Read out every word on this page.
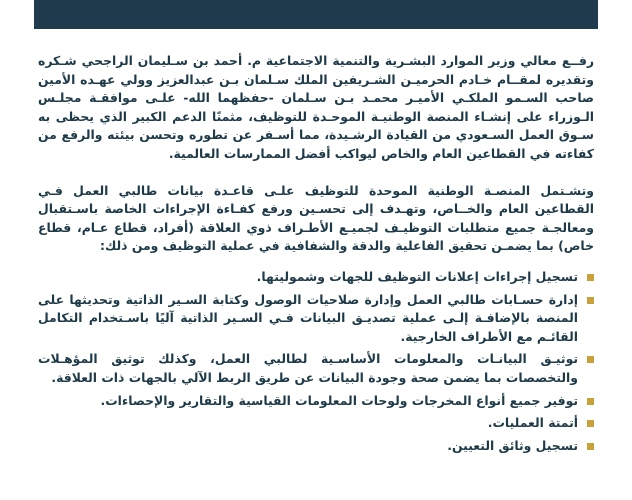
رفــع معالي وزير الموارد البشـرية والتنمية الاجتماعية م. أحمد بن سـليمان الراجحي شـكره وتقديره لمقــام خـادم الحرميـن الشـريفين الملك سـلمان بـن عبدالعزيز وولي عهـده الأمين صاحب السـمو الملكـي الأميـر محمـد بـن سـلمان -حفظهما الله- علـى موافقـة مجلـس الـوزراء على إنشـاء المنصة الوطنيـة الموحـدة للتوظيف، مثمنًا الدعم الكبير الذي يحظى به سـوق العمل السـعودي من القيادة الرشـيدة، مما أسـفر عن تطوره وتحسن بيئته والرفع من كفاءته في القطاعين العام والخاص ليواكب أفضل الممارسات العالمية.

وتشـتمل المنصـة الوطنية الموحدة للتوظيف علـى قاعـدة بيانات طالبي العمل فـي القطاعين العام والخــاص، وتهـدف إلى تحسـين ورفع كفـاءة الإجراءات الخاصة باسـتقبال ومعالجـة جميع متطلبات التوظيـف لجميـع الأطـراف ذوي العلاقة (أفراد، قطاع عـام، قطاع خاص) بما يضمـن تحقيق الفاعلية والدقة والشفافية في عملية التوظيف ومن ذلك:

تسجيل إجراءات إعلانات التوظيف للجهات وشموليتها.
إدارة حسـابات طالبي العمل وإدارة صلاحيات الوصول وكتابة السـير الذاتية وتحديثها على المنصة بالإضافـة إلـى عملية تصديـق البيانات فـي السـير الذاتية آليًا باسـتخدام التكامل القائـم مع الأطراف الخارجية.
توثيـق البيانـات والمعلومات الأساسـية لطالبي العمل، وكذلك توثيق المؤهـلات والتخصصات بما يضمن صحة وجودة البيانات عن طريق الربط الآلي بالجهات ذات العلاقة.
توفير جميع أنواع المخرجات ولوحات المعلومات القياسية والتقارير والإحصاءات.
أتمتة العمليات.
تسجيل وثائق التعيين.
